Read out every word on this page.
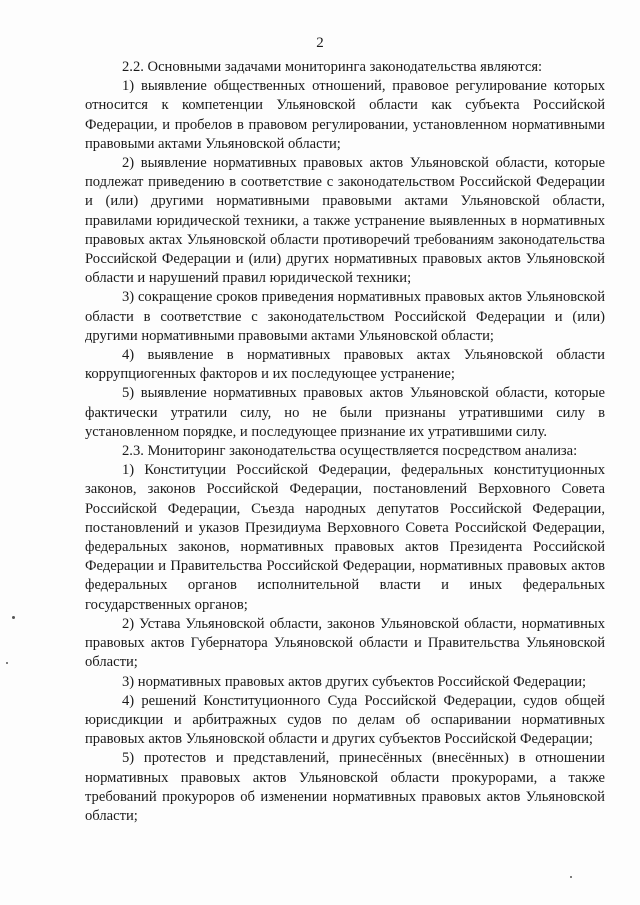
2

2.2. Основными задачами мониторинга законодательства являются:

1) выявление общественных отношений, правовое регулирование которых относится к компетенции Ульяновской области как субъекта Российской Федерации, и пробелов в правовом регулировании, установленном нормативными правовыми актами Ульяновской области;

2) выявление нормативных правовых актов Ульяновской области, которые подлежат приведению в соответствие с законодательством Российской Федерации и (или) другими нормативными правовыми актами Ульяновской области, правилами юридической техники, а также устранение выявленных в нормативных правовых актах Ульяновской области противоречий требованиям законодательства Российской Федерации и (или) других нормативных правовых актов Ульяновской области и нарушений правил юридической техники;

3) сокращение сроков приведения нормативных правовых актов Ульяновской области в соответствие с законодательством Российской Федерации и (или) другими нормативными правовыми актами Ульяновской области;

4) выявление в нормативных правовых актах Ульяновской области коррупциогенных факторов и их последующее устранение;

5) выявление нормативных правовых актов Ульяновской области, которые фактически утратили силу, но не были признаны утратившими силу в установленном порядке, и последующее признание их утратившими силу.

2.3. Мониторинг законодательства осуществляется посредством анализа:

1) Конституции Российской Федерации, федеральных конституционных законов, законов Российской Федерации, постановлений Верховного Совета Российской Федерации, Съезда народных депутатов Российской Федерации, постановлений и указов Президиума Верховного Совета Российской Федерации, федеральных законов, нормативных правовых актов Президента Российской Федерации и Правительства Российской Федерации, нормативных правовых актов федеральных органов исполнительной власти и иных федеральных государственных органов;

2) Устава Ульяновской области, законов Ульяновской области, нормативных правовых актов Губернатора Ульяновской области и Правительства Ульяновской области;

3) нормативных правовых актов других субъектов Российской Федерации;

4) решений Конституционного Суда Российской Федерации, судов общей юрисдикции и арбитражных судов по делам об оспаривании нормативных правовых актов Ульяновской области и других субъектов Российской Федерации;

5) протестов и представлений, принесённых (внесённых) в отношении нормативных правовых актов Ульяновской области прокурорами, а также требований прокуроров об изменении нормативных правовых актов Ульяновской области;
